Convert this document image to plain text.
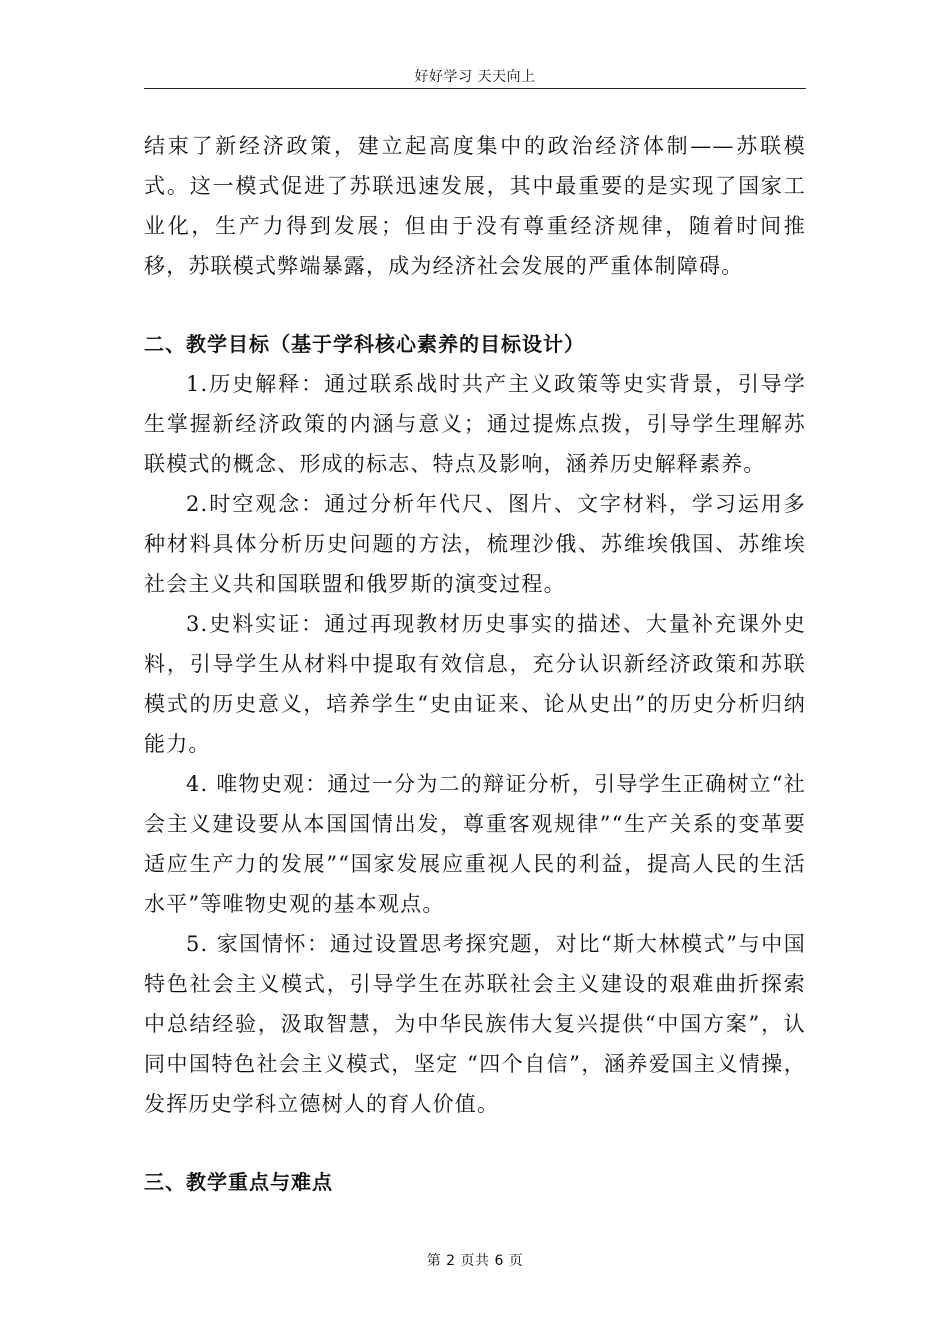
好好学习 天天向上

结束了新经济政策，建立起高度集中的政治经济体制——苏联模式。这一模式促进了苏联迅速发展，其中最重要的是实现了国家工业化，生产力得到发展；但由于没有尊重经济规律，随着时间推移，苏联模式弊端暴露，成为经济社会发展的严重体制障碍。

二、教学目标（基于学科核心素养的目标设计）

1.历史解释：通过联系战时共产主义政策等史实背景，引导学生掌握新经济政策的内涵与意义；通过提炼点拨，引导学生理解苏联模式的概念、形成的标志、特点及影响，涵养历史解释素养。

2.时空观念：通过分析年代尺、图片、文字材料，学习运用多种材料具体分析历史问题的方法，梳理沙俄、苏维埃俄国、苏维埃社会主义共和国联盟和俄罗斯的演变过程。

3.史料实证：通过再现教材历史事实的描述、大量补充课外史料，引导学生从材料中提取有效信息，充分认识新经济政策和苏联模式的历史意义，培养学生“史由证来、论从史出”的历史分析归纳能力。

4. 唯物史观：通过一分为二的辩证分析，引导学生正确树立“社会主义建设要从本国国情出发，尊重客观规律”“生产关系的变革要适应生产力的发展”“国家发展应重视人民的利益，提高人民的生活水平”等唯物史观的基本观点。

5. 家国情怀：通过设置思考探究题，对比“斯大林模式”与中国特色社会主义模式，引导学生在苏联社会主义建设的艰难曲折探索中总结经验，汲取智慧，为中华民族伟大复兴提供“中国方案”，认同中国特色社会主义模式，坚定 “四个自信”，涵养爱国主义情操，发挥历史学科立德树人的育人价值。

三、教学重点与难点
第 2 页共 6 页
